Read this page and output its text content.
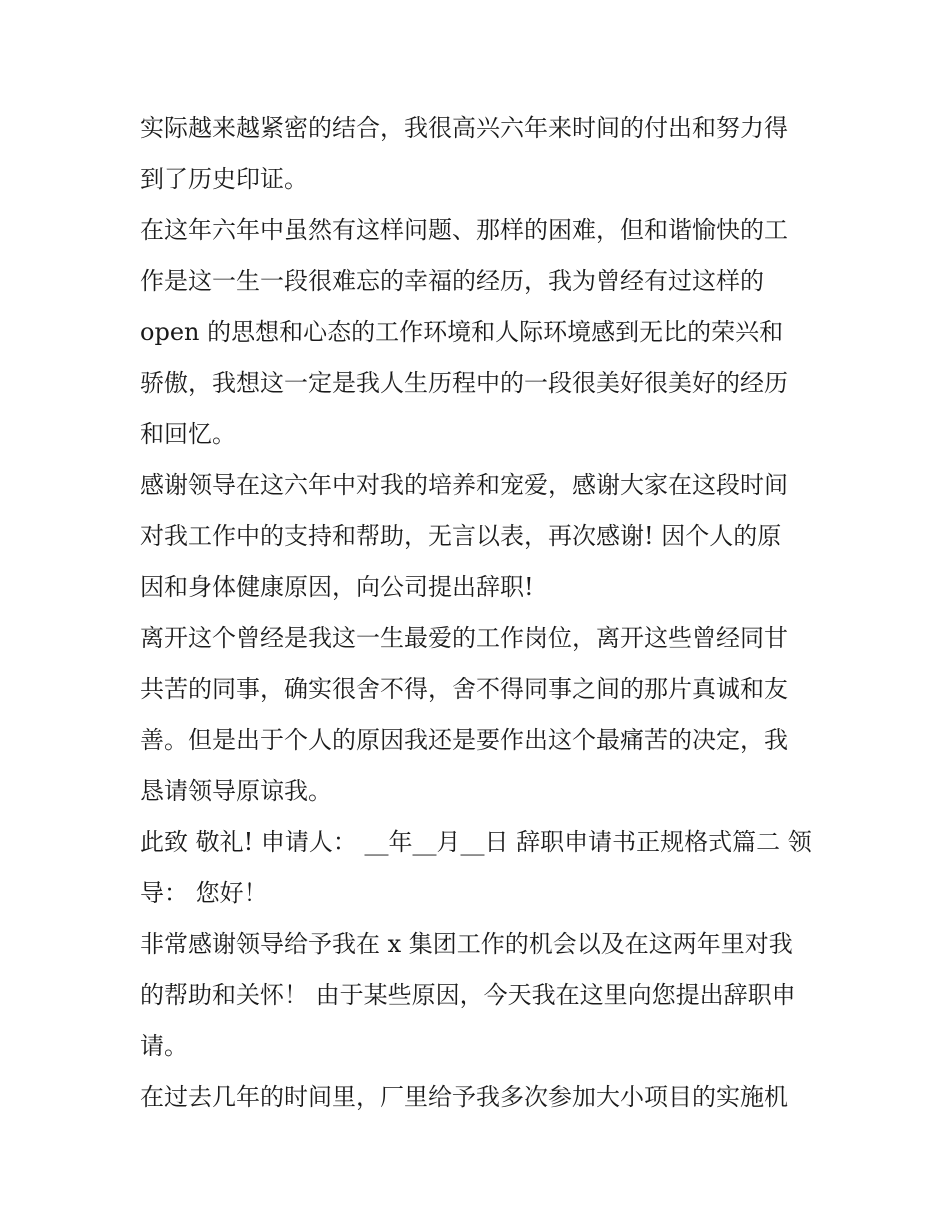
实际越来越紧密的结合，我很高兴六年来时间的付出和努力得
到了历史印证。
在这年六年中虽然有这样问题、那样的困难，但和谐愉快的工
作是这一生一段很难忘的幸福的经历，我为曾经有过这样的
open 的思想和心态的工作环境和人际环境感到无比的荣兴和
骄傲，我想这一定是我人生历程中的一段很美好很美好的经历
和回忆。
感谢领导在这六年中对我的培养和宠爱，感谢大家在这段时间
对我工作中的支持和帮助，无言以表，再次感谢! 因个人的原
因和身体健康原因，向公司提出辞职!
离开这个曾经是我这一生最爱的工作岗位，离开这些曾经同甘
共苦的同事，确实很舍不得，舍不得同事之间的那片真诚和友
善。但是出于个人的原因我还是要作出这个最痛苦的决定，我
恳请领导原谅我。
此致 敬礼! 申请人： __年__月__日 辞职申请书正规格式篇二 领
导： 您好！
非常感谢领导给予我在 x 集团工作的机会以及在这两年里对我
的帮助和关怀！ 由于某些原因，今天我在这里向您提出辞职申
请。
在过去几年的时间里，厂里给予我多次参加大小项目的实施机
